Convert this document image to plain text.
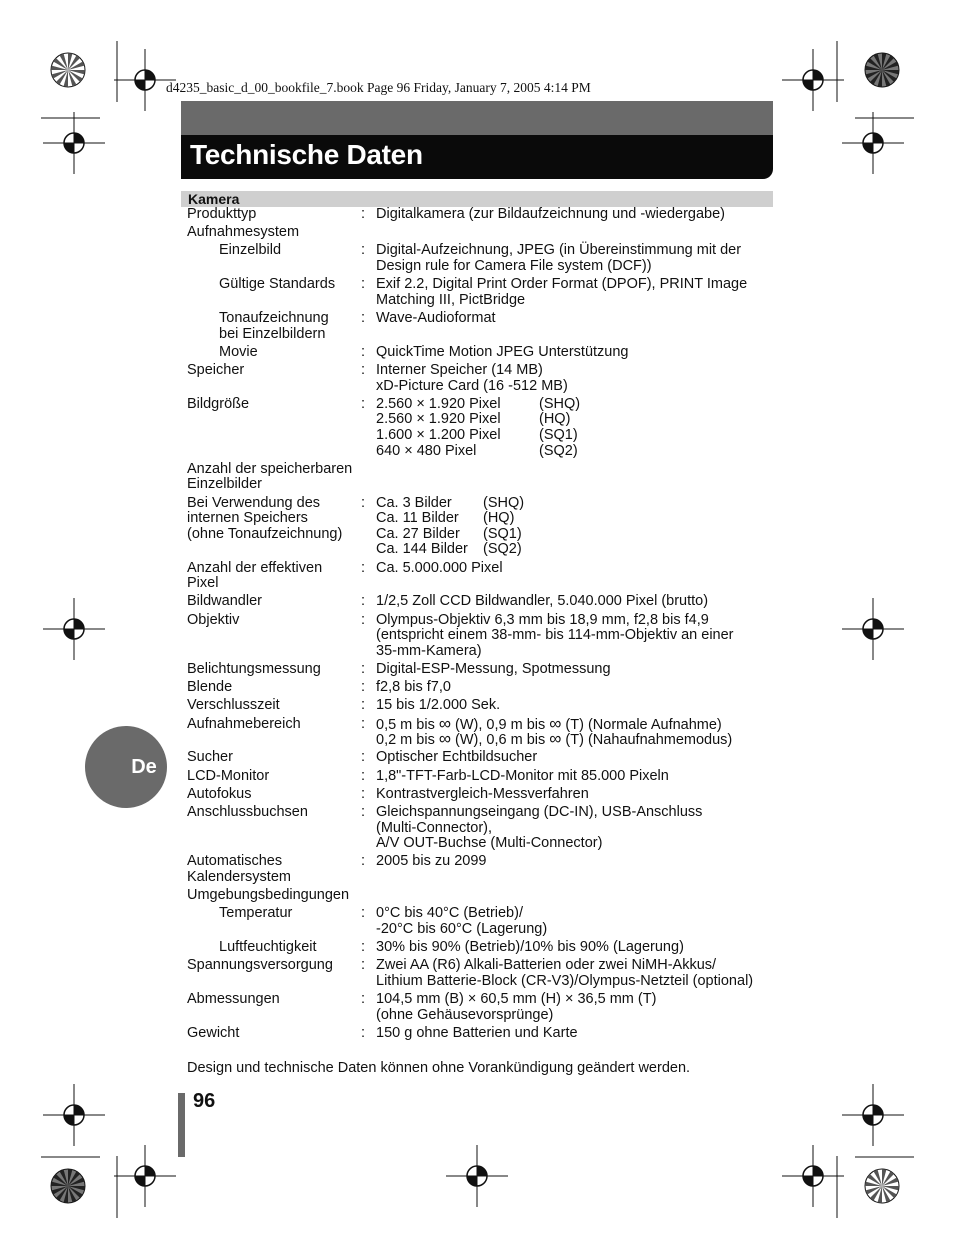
d4235_basic_d_00_bookfile_7.book Page 96 Friday, January 7, 2005 4:14 PM
Technische Daten
Kamera
Produkttyp	: Digitalkamera (zur Bildaufzeichnung und -wiedergabe)
Aufnahmesystem
Einzelbild	: Digital-Aufzeichnung, JPEG (in Übereinstimmung mit der
Design rule for Camera File system (DCF))
Gültige Standards : Exif 2.2, Digital Print Order Format (DPOF), PRINT Image
Matching III, PictBridge
Tonaufzeichnung
bei Einzelbildern
: Wave-Audioformat
Movie	: QuickTime Motion JPEG Unterstützung
Speicher	: Interner Speicher (14 MB)
xD-Picture Card (16 -512 MB)
Bildgröße	: 2.560 × 1.920 Pixel	(SHQ)
2.560 × 1.920 Pixel	(HQ)
1.600 × 1.200 Pixel	(SQ1)
640 × 480 Pixel	(SQ2)
Anzahl der speicherbaren
Einzelbilder
Bei Verwendung des
internen Speichers
(ohne Tonaufzeichnung)
: Ca. 3 Bilder (SHQ)
Ca. 11 Bilder (HQ)
Ca. 27 Bilder (SQ1)
Ca. 144 Bilder (SQ2)
Anzahl der effektiven
Pixel
: Ca. 5.000.000 Pixel
Bildwandler	: 1/2,5 Zoll CCD Bildwandler, 5.040.000 Pixel (brutto)
Objektiv	: Olympus-Objektiv 6,3 mm bis 18,9 mm, f2,8 bis f4,9
(entspricht einem 38-mm- bis 114-mm-Objektiv an einer
35-mm-Kamera)
Belichtungsmessung	: Digital-ESP-Messung, Spotmessung
Blende	: f2,8 bis f7,0
Verschlusszeit	: 15 bis 1/2.000 Sek.
Aufnahmebereich	: 0,5 m bis ∞ (W), 0,9 m bis ∞ (T) (Normale Aufnahme)
0,2 m bis ∞ (W), 0,6 m bis ∞ (T) (Nahaufnahmemodus)
Sucher	: Optischer Echtbildsucher
LCD-Monitor	: 1,8"-TFT-Farb-LCD-Monitor mit 85.000 Pixeln
Autofokus	: Kontrastvergleich-Messverfahren
Anschlussbuchsen	: Gleichspannungseingang (DC-IN), USB-Anschluss
(Multi-Connector),
A/V OUT-Buchse (Multi-Connector)
Automatisches
Kalendersystem
: 2005 bis zu 2099
Umgebungsbedingungen
Temperatur	: 0°C bis 40°C (Betrieb)/
-20°C bis 60°C (Lagerung)
Luftfeuchtigkeit	: 30% bis 90% (Betrieb)/10% bis 90% (Lagerung)
Spannungsversorgung : Zwei AA (R6) Alkali-Batterien oder zwei NiMH-Akkus/
Lithium Batterie-Block (CR-V3)/Olympus-Netzteil (optional)
Abmessungen	: 104,5 mm (B) × 60,5 mm (H) × 36,5 mm (T)
(ohne Gehäusevorsprünge)
Gewicht	: 150 g ohne Batterien und Karte
Design und technische Daten können ohne Vorankündigung geändert werden.
96
De
